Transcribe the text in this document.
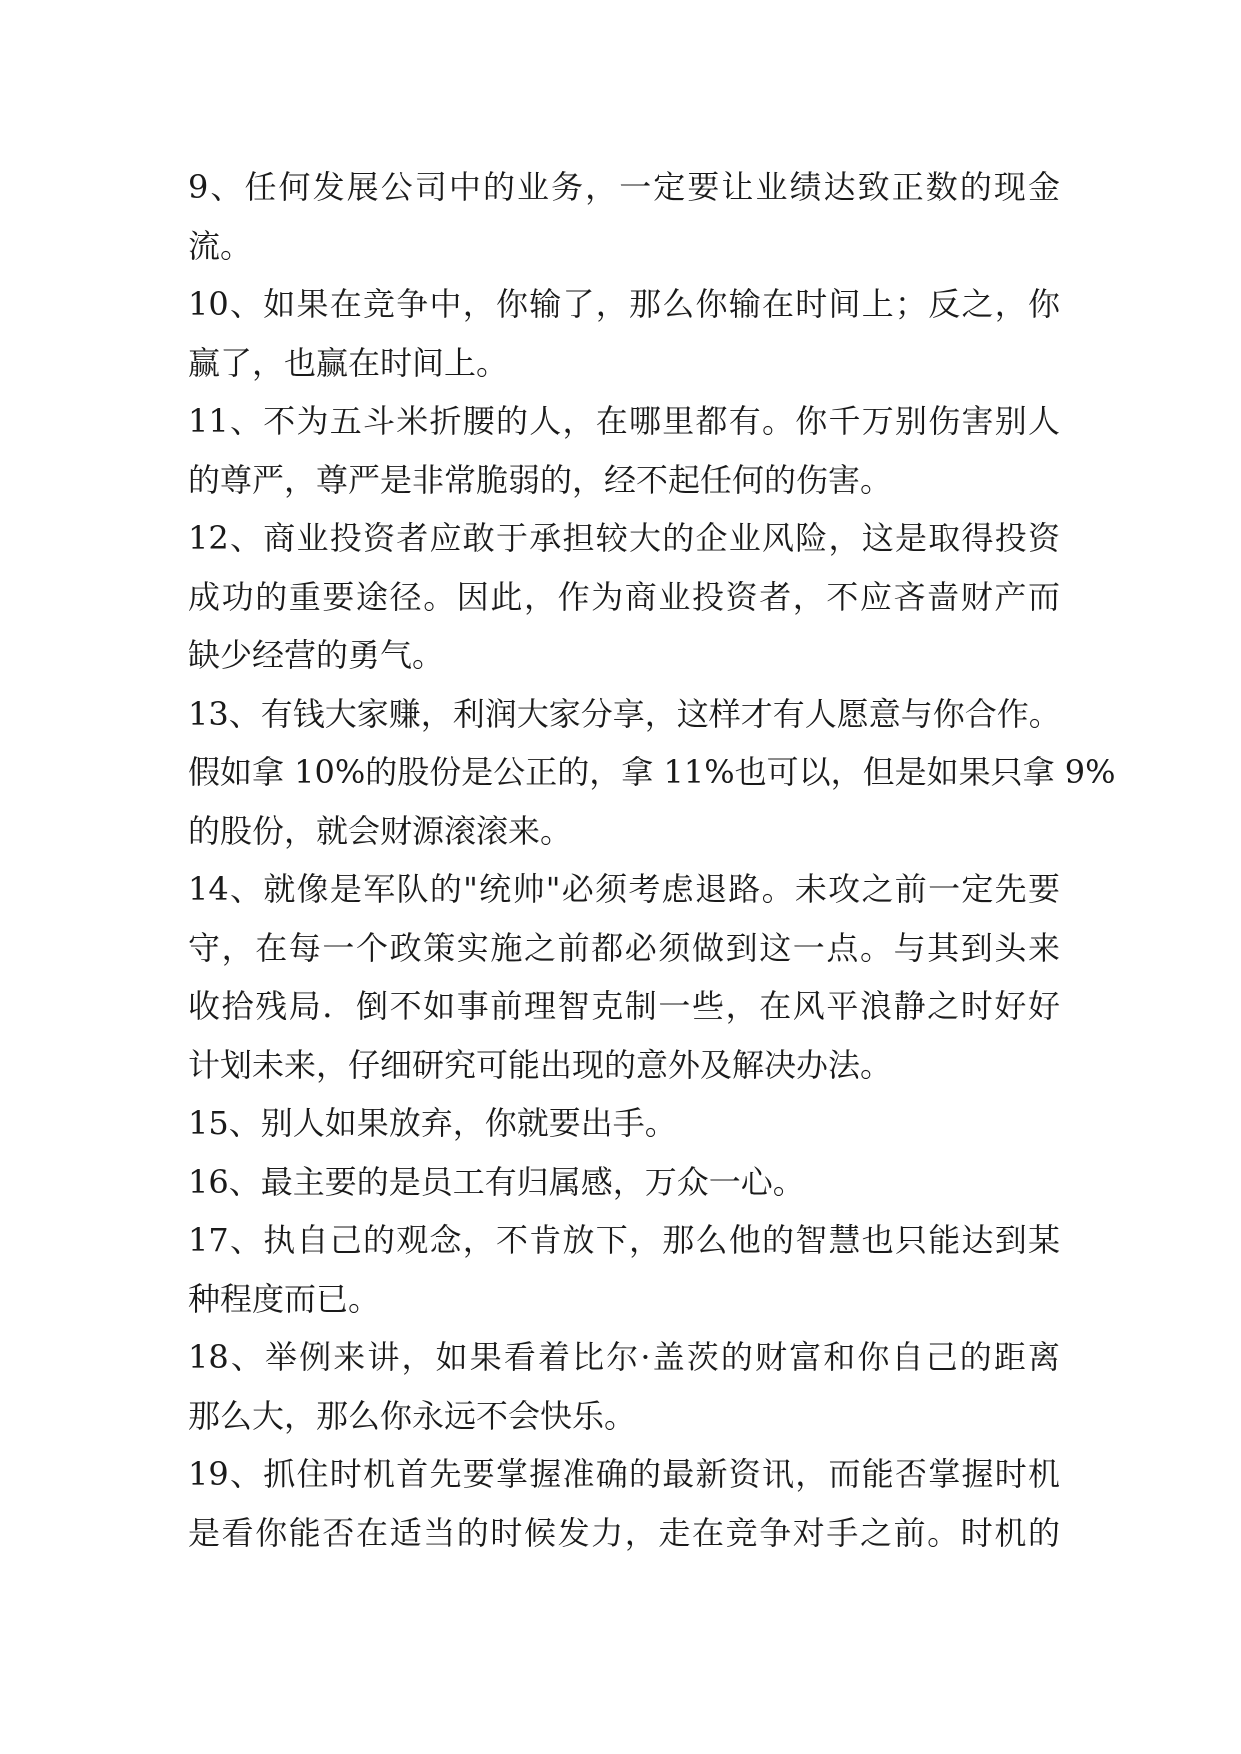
9、任何发展公司中的业务，一定要让业绩达致正数的现金
流。
10、如果在竞争中，你输了，那么你输在时间上；反之，你
赢了，也赢在时间上。
11、不为五斗米折腰的人，在哪里都有。你千万别伤害别人
的尊严，尊严是非常脆弱的，经不起任何的伤害。
12、商业投资者应敢于承担较大的企业风险，这是取得投资
成功的重要途径。因此，作为商业投资者，不应吝啬财产而
缺少经营的勇气。
13、有钱大家赚，利润大家分享，这样才有人愿意与你合作。
假如拿 10%的股份是公正的，拿 11%也可以，但是如果只拿 9%
的股份，就会财源滚滚来。
14、就像是军队的"统帅"必须考虑退路。未攻之前一定先要
守，在每一个政策实施之前都必须做到这一点。与其到头来
收拾残局．倒不如事前理智克制一些，在风平浪静之时好好
计划未来，仔细研究可能出现的意外及解决办法。
15、别人如果放弃，你就要出手。
16、最主要的是员工有归属感，万众一心。
17、执自己的观念，不肯放下，那么他的智慧也只能达到某
种程度而已。
18、举例来讲，如果看着比尔·盖茨的财富和你自己的距离
那么大，那么你永远不会快乐。
19、抓住时机首先要掌握准确的最新资讯，而能否掌握时机
是看你能否在适当的时候发力，走在竞争对手之前。时机的
